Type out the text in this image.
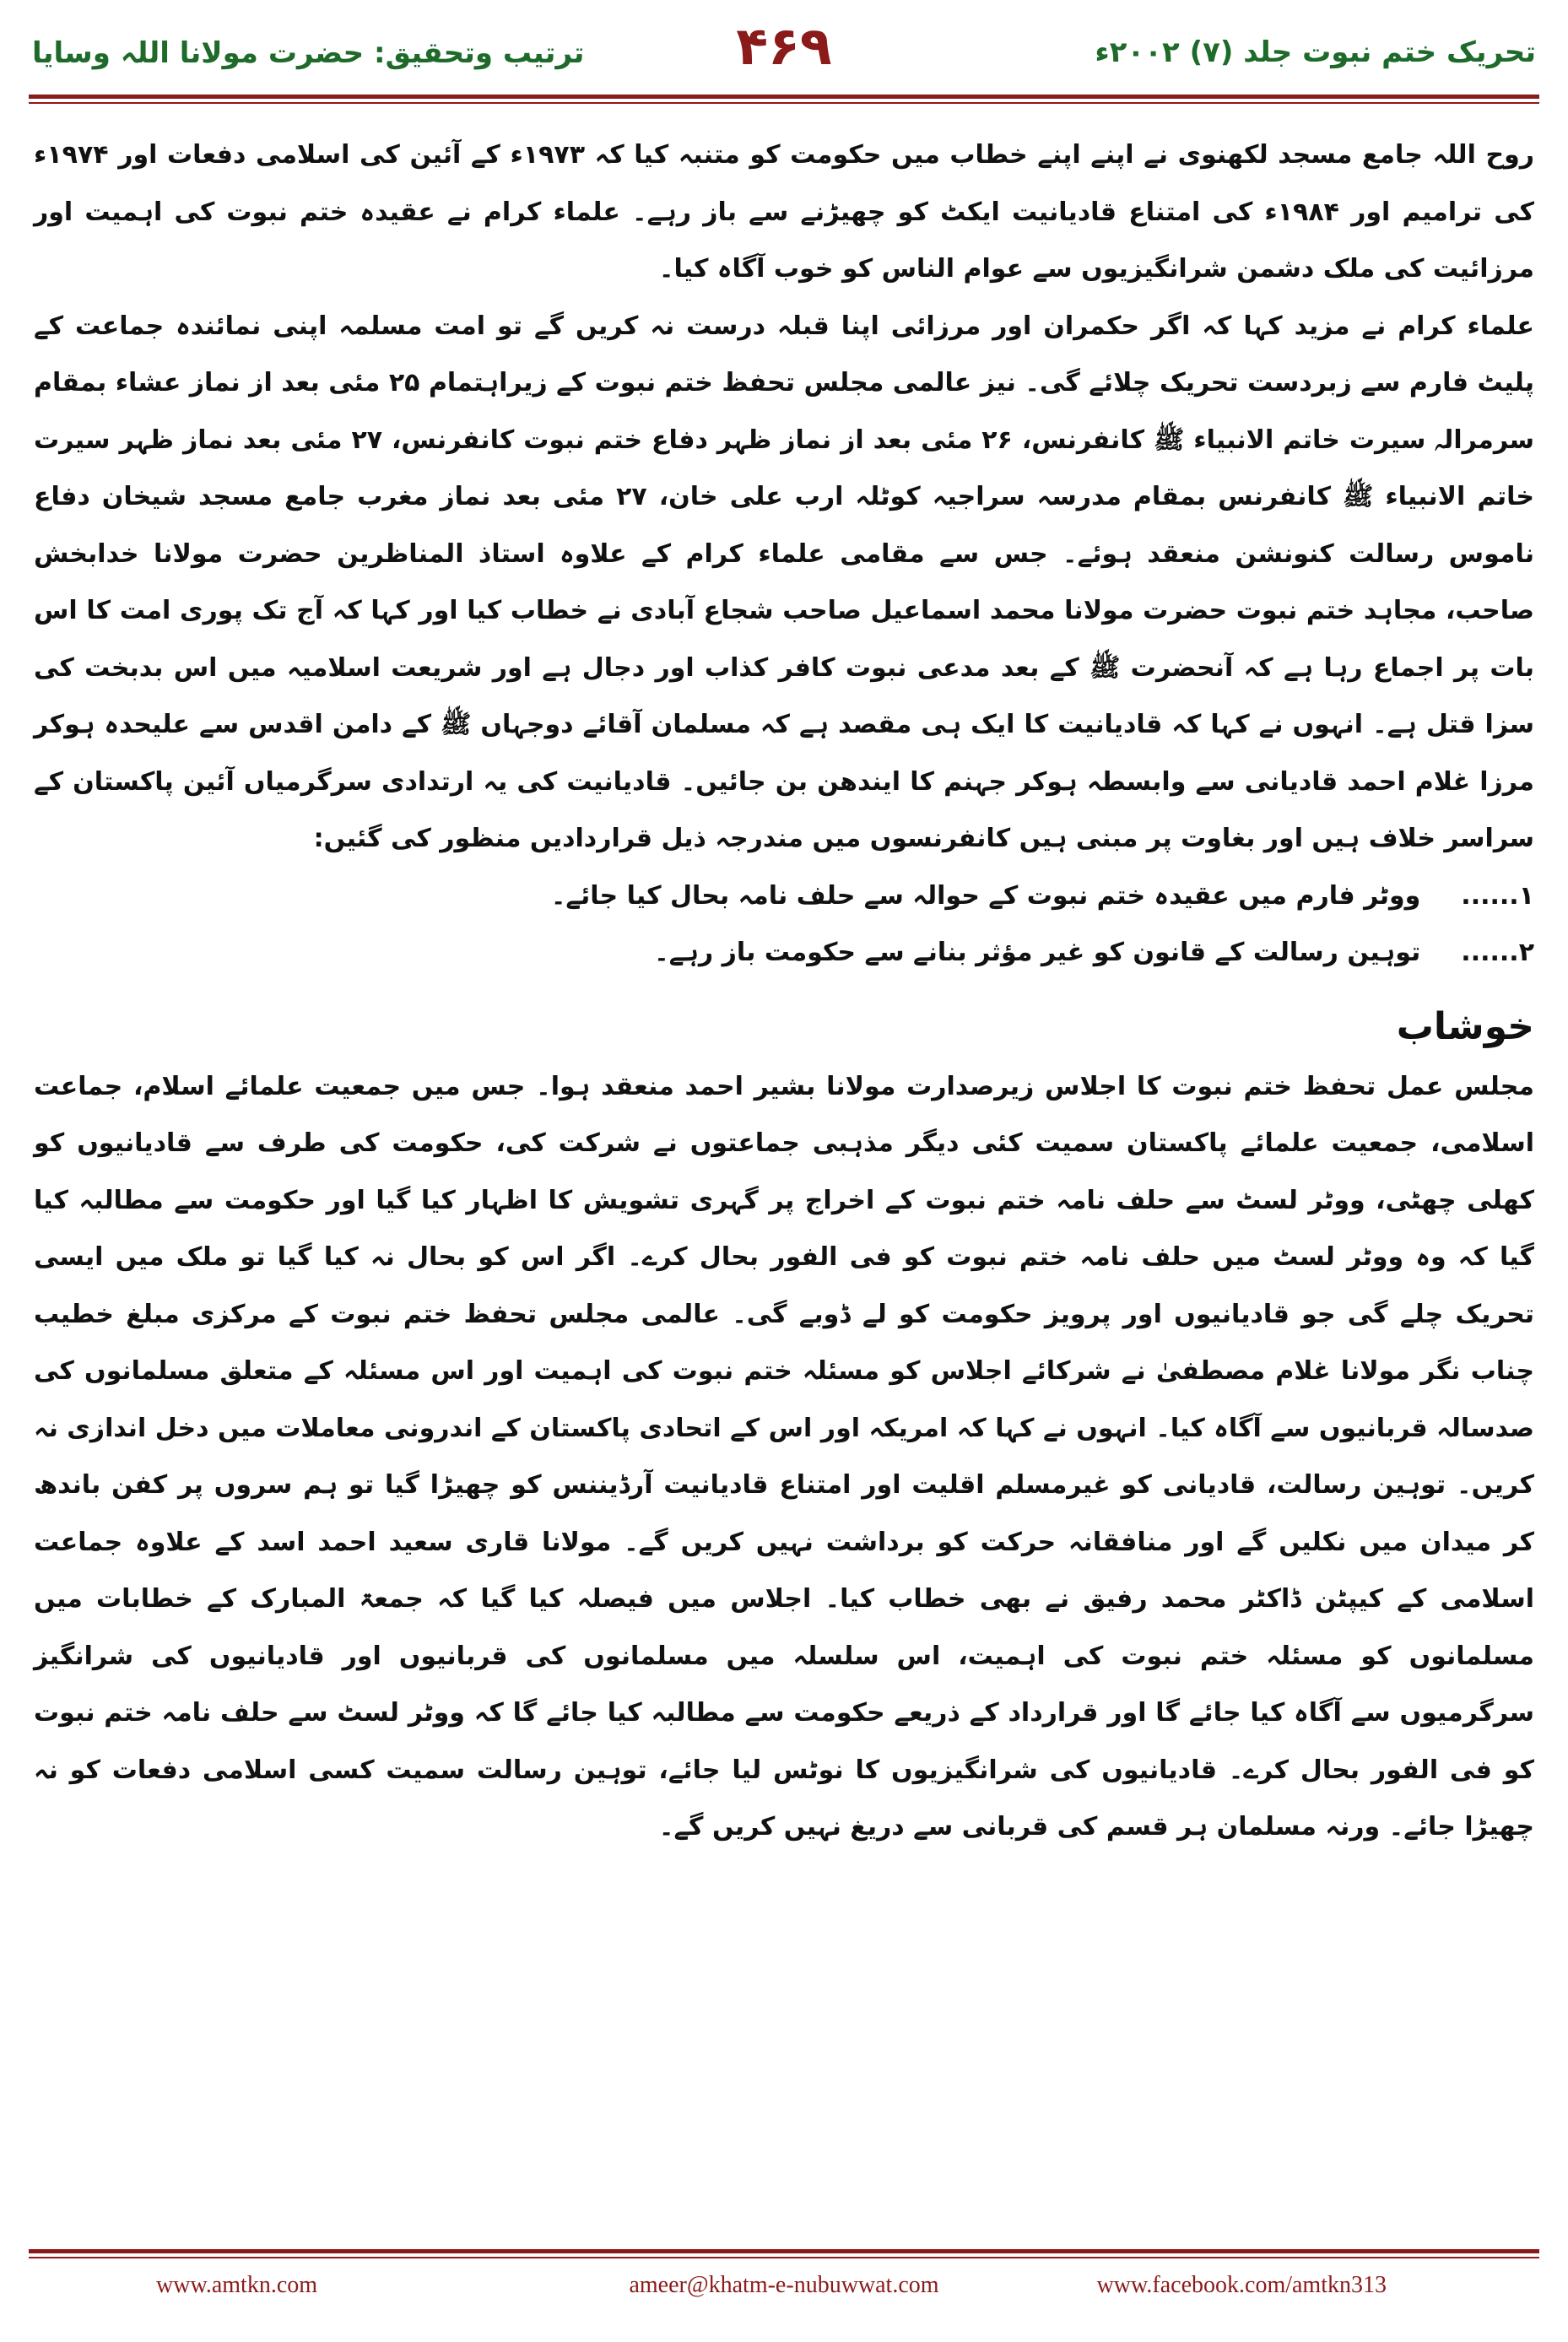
ترتیب وتحقیق: حضرت مولانا اللہ وسایا	۴۶۹	تحریک ختم نبوت جلد (۷) ۲۰۰۲ء

روح اللہ جامع مسجد لکھنوی نے اپنے اپنے خطاب میں حکومت کو متنبہ کیا کہ ۱۹۷۳ء کے آئین کی اسلامی دفعات اور ۱۹۷۴ء کی ترامیم اور ۱۹۸۴ء کی امتناع قادیانیت ایکٹ کو چھیڑنے سے باز رہے۔ علماء کرام نے عقیدہ ختم نبوت کی اہمیت اور مرزائیت کی ملک دشمن شرانگیزیوں سے عوام الناس کو خوب آگاہ کیا۔

علماء کرام نے مزید کہا کہ اگر حکمران اور مرزائی اپنا قبلہ درست نہ کریں گے تو امت مسلمہ اپنی نمائندہ جماعت کے پلیٹ فارم سے زبردست تحریک چلائے گی۔ نیز عالمی مجلس تحفظ ختم نبوت کے زیراہتمام ۲۵ مئی بعد از نماز عشاء بمقام سرمرالہ سیرت خاتم الانبیاء ﷺ کانفرنس، ۲۶ مئی بعد از نماز ظہر دفاع ختم نبوت کانفرنس، ۲۷ مئی بعد نماز ظہر سیرت خاتم الانبیاء ﷺ کانفرنس بمقام مدرسہ سراجیہ کوٹلہ ارب علی خان، ۲۷ مئی بعد نماز مغرب جامع مسجد شیخان دفاع ناموس رسالت کنونشن منعقد ہوئے۔ جس سے مقامی علماء کرام کے علاوہ استاذ المناظرین حضرت مولانا خدابخش صاحب، مجاہد ختم نبوت حضرت مولانا محمد اسماعیل صاحب شجاع آبادی نے خطاب کیا اور کہا کہ آج تک پوری امت کا اس بات پر اجماع رہا ہے کہ آنحضرت ﷺ کے بعد مدعی نبوت کافر کذاب اور دجال ہے اور شریعت اسلامیہ میں اس بدبخت کی سزا قتل ہے۔ انہوں نے کہا کہ قادیانیت کا ایک ہی مقصد ہے کہ مسلمان آقائے دوجہاں ﷺ کے دامن اقدس سے علیحدہ ہوکر مرزا غلام احمد قادیانی سے وابسطہ ہوکر جہنم کا ایندھن بن جائیں۔ قادیانیت کی یہ ارتدادی سرگرمیاں آئین پاکستان کے سراسر خلاف ہیں اور بغاوت پر مبنی ہیں کانفرنسوں میں مندرجہ ذیل قراردادیں منظور کی گئیں:

۱......
ووٹر فارم میں عقیدہ ختم نبوت کے حوالہ سے حلف نامہ بحال کیا جائے۔
۲......
توہین رسالت کے قانون کو غیر مؤثر بنانے سے حکومت باز رہے۔
خوشاب

مجلس عمل تحفظ ختم نبوت کا اجلاس زیرصدارت مولانا بشیر احمد منعقد ہوا۔ جس میں جمعیت علمائے اسلام، جماعت اسلامی، جمعیت علمائے پاکستان سمیت کئی دیگر مذہبی جماعتوں نے شرکت کی، حکومت کی طرف سے قادیانیوں کو کھلی چھٹی، ووٹر لسٹ سے حلف نامہ ختم نبوت کے اخراج پر گہری تشویش کا اظہار کیا گیا اور حکومت سے مطالبہ کیا گیا کہ وہ ووٹر لسٹ میں حلف نامہ ختم نبوت کو فی الفور بحال کرے۔ اگر اس کو بحال نہ کیا گیا تو ملک میں ایسی تحریک چلے گی جو قادیانیوں اور پرویز حکومت کو لے ڈوبے گی۔ عالمی مجلس تحفظ ختم نبوت کے مرکزی مبلغ خطیب چناب نگر مولانا غلام مصطفیٰ نے شرکائے اجلاس کو مسئلہ ختم نبوت کی اہمیت اور اس مسئلہ کے متعلق مسلمانوں کی صدسالہ قربانیوں سے آگاہ کیا۔ انہوں نے کہا کہ امریکہ اور اس کے اتحادی پاکستان کے اندرونی معاملات میں دخل اندازی نہ کریں۔ توہین رسالت، قادیانی کو غیرمسلم اقلیت اور امتناع قادیانیت آرڈیننس کو چھیڑا گیا تو ہم سروں پر کفن باندھ کر میدان میں نکلیں گے اور منافقانہ حرکت کو برداشت نہیں کریں گے۔ مولانا قاری سعید احمد اسد کے علاوہ جماعت اسلامی کے کیپٹن ڈاکٹر محمد رفیق نے بھی خطاب کیا۔ اجلاس میں فیصلہ کیا گیا کہ جمعۃ المبارک کے خطابات میں مسلمانوں کو مسئلہ ختم نبوت کی اہمیت، اس سلسلہ میں مسلمانوں کی قربانیوں اور قادیانیوں کی شرانگیز سرگرمیوں سے آگاہ کیا جائے گا اور قرارداد کے ذریعے حکومت سے مطالبہ کیا جائے گا کہ ووٹر لسٹ سے حلف نامہ ختم نبوت کو فی الفور بحال کرے۔ قادیانیوں کی شرانگیزیوں کا نوٹس لیا جائے، توہین رسالت سمیت کسی اسلامی دفعات کو نہ چھیڑا جائے۔ ورنہ مسلمان ہر قسم کی قربانی سے دریغ نہیں کریں گے۔

www.amtkn.com	ameer@khatm-e-nubuwwat.com	www.facebook.com/amtkn313
